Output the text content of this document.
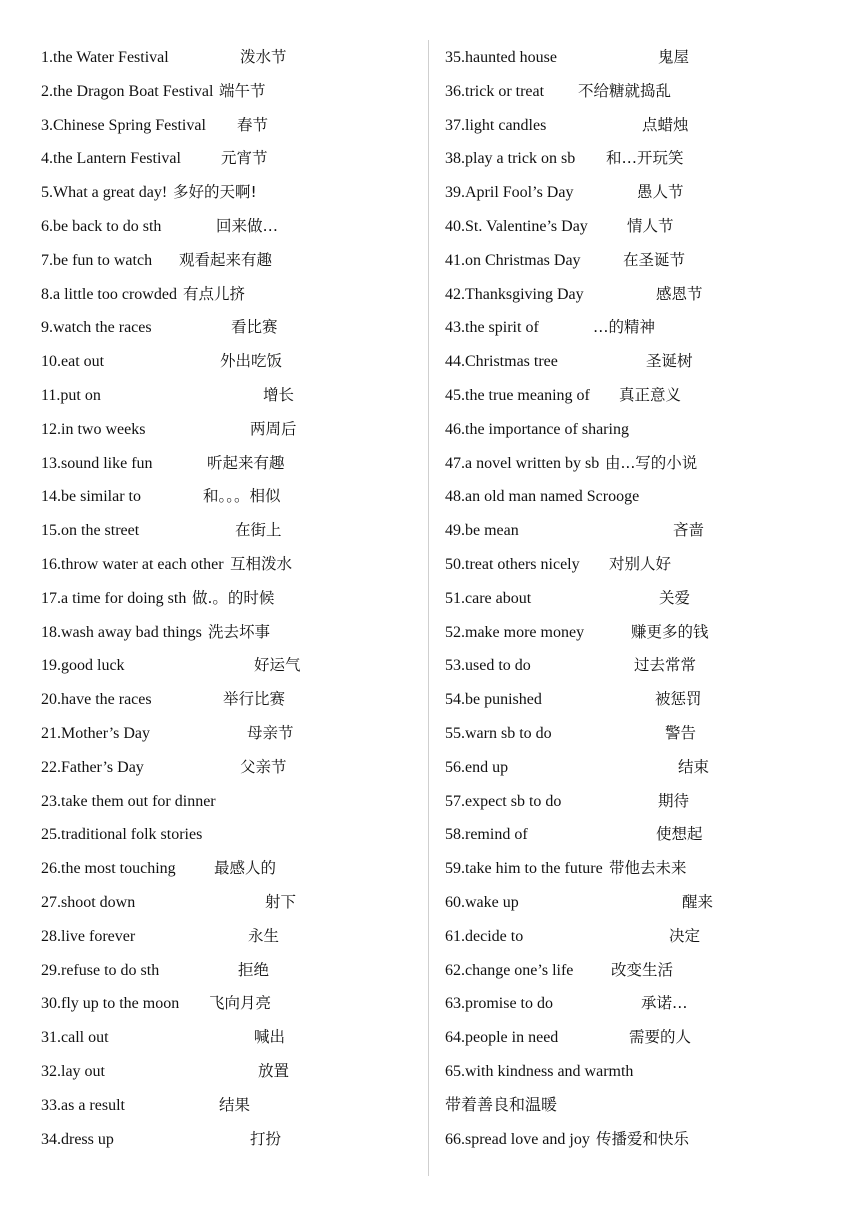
1.the Water Festival	泼水节
2.the Dragon Boat Festival 端午节
3.Chinese Spring Festival 春节
4.the Lantern Festival	元宵节
5.What a great day! 多好的天啊!
6.be back to do sth	回来做…
7.be fun to watch 观看起来有趣
8.a little too crowded 有点儿挤
9.watch the races	看比赛
10.eat out	外出吃饭
11.put on	增长
12.in two weeks	两周后
13.sound like fun	听起来有趣
14.be similar to	和。。。相似
15.on the street	在街上
16.throw water at each other 互相泼水
17.a time for doing sth 做.。的时候
18.wash away bad things 洗去坏事
19.good luck	好运气
20.have the races	举行比赛
21.Mother’s Day	母亲节
22.Father’s Day	父亲节
23.take them out for dinner
25.traditional folk stories
26.the most touching 最感人的
27.shoot down	射下
28.live forever	永生
29.refuse to do sth	拒绝
30.fly up to the moon 飞向月亮
31.call out	喊出
32.lay out	放置
33.as a result	结果
34.dress up	打扮
35.haunted house	鬼屋
36.trick or treat 不给糖就捣乱
37.light candles	点蜡烛
38.play a trick on sb 和…开玩笑
39.April Fool’s Day	愚人节
40.St. Valentine’s Day	情人节
41.on Christmas Day	在圣诞节
42.Thanksgiving Day	感恩节
43.the spirit of	…的精神
44.Christmas tree	圣诞树
45.the true meaning of 真正意义
46.the importance of sharing
47.a novel written by sb 由...写的小说
48.an old man named Scrooge
49.be mean	吝啬
50.treat others nicely 对别人好
51.care about	关爱
52.make more money	赚更多的钱
53.used to do	过去常常
54.be punished	被惩罚
55.warn sb to do	警告
56.end up	结束
57.expect sb to do	期待
58.remind of	使想起
59.take him to the future 带他去未来
60.wake up	醒来
61.decide to	决定
62.change one’s life 改变生活
63.promise to do	承诺…
64.people in need	需要的人
65.with kindness and warmth
带着善良和温暖
66.spread love and joy 传播爱和快乐
